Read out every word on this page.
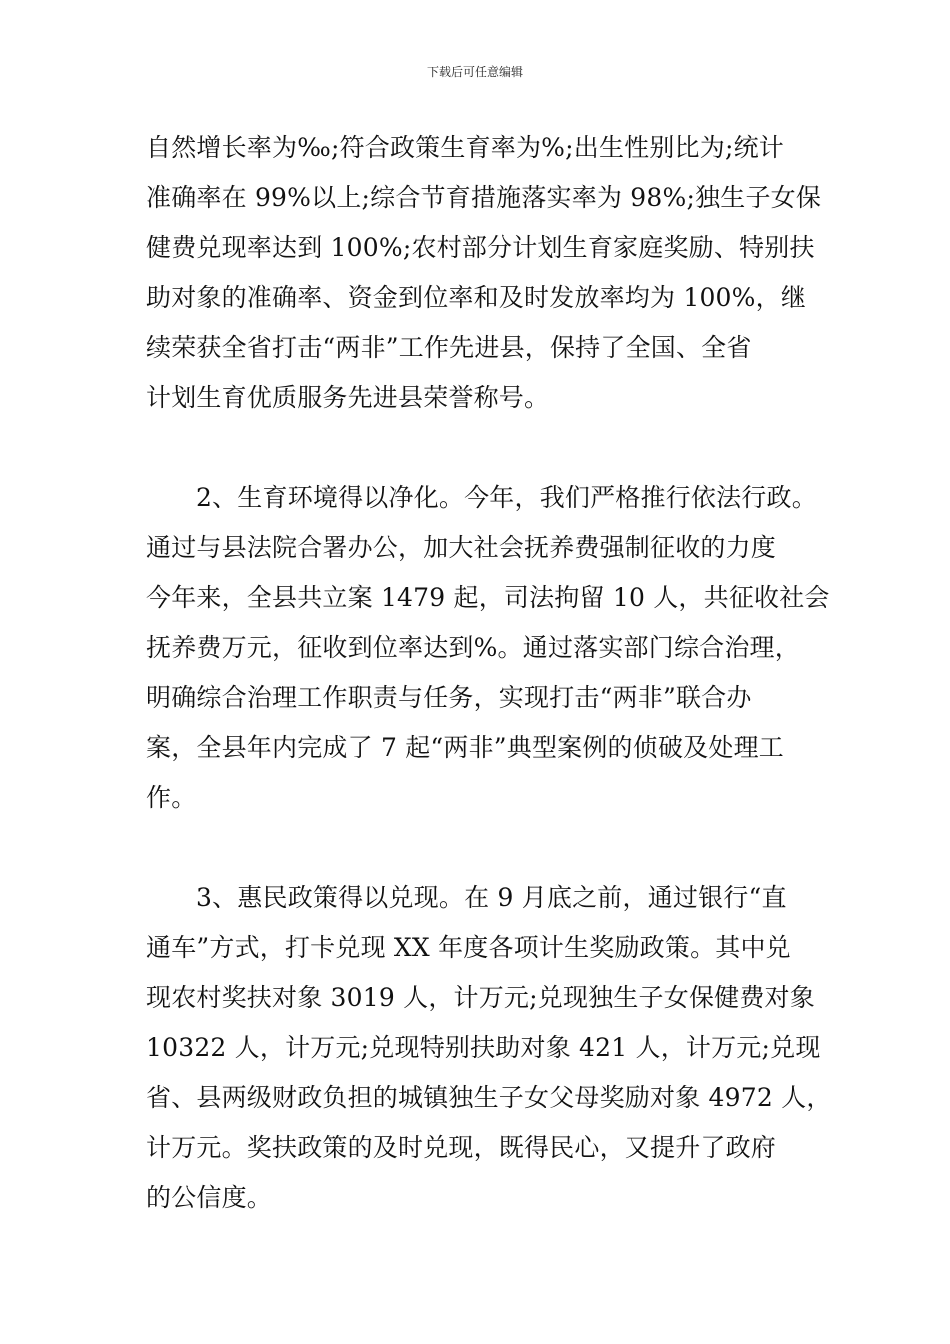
下载后可任意编辑
自然增长率为‰;符合政策生育率为%;出生性别比为;统计
准确率在 99%以上;综合节育措施落实率为 98%;独生子女保
健费兑现率达到 100%;农村部分计划生育家庭奖励、特别扶
助对象的准确率、资金到位率和及时发放率均为 100%，继
续荣获全省打击“两非”工作先进县，保持了全国、全省
计划生育优质服务先进县荣誉称号。
2、生育环境得以净化。今年，我们严格推行依法行政。
通过与县法院合署办公，加大社会抚养费强制征收的力度
今年来，全县共立案 1479 起，司法拘留 10 人，共征收社会
抚养费万元，征收到位率达到%。通过落实部门综合治理，
明确综合治理工作职责与任务，实现打击“两非”联合办
案，全县年内完成了 7 起“两非”典型案例的侦破及处理工
作。
3、惠民政策得以兑现。在 9 月底之前，通过银行“直
通车”方式，打卡兑现 XX 年度各项计生奖励政策。其中兑
现农村奖扶对象 3019 人，计万元;兑现独生子女保健费对象
10322 人，计万元;兑现特别扶助对象 421 人，计万元;兑现
省、县两级财政负担的城镇独生子女父母奖励对象 4972 人，
计万元。奖扶政策的及时兑现，既得民心，又提升了政府
的公信度。
